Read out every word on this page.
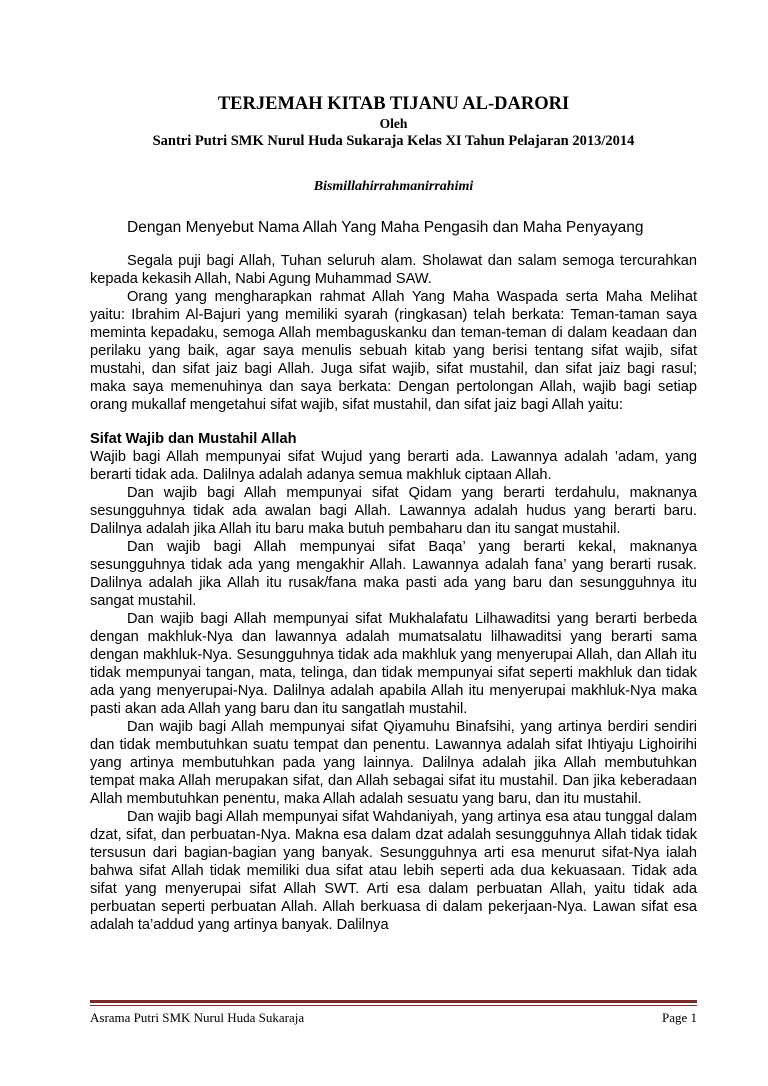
TERJEMAH KITAB TIJANU AL-DARORI

Oleh

Santri Putri SMK Nurul Huda Sukaraja Kelas XI Tahun Pelajaran 2013/2014

Bismillahirrahmanirrahimi

Dengan Menyebut Nama Allah Yang Maha Pengasih dan Maha Penyayang

Segala puji bagi Allah, Tuhan seluruh alam. Sholawat dan salam semoga tercurahkan kepada kekasih Allah, Nabi Agung Muhammad SAW.

Orang yang mengharapkan rahmat Allah Yang Maha Waspada serta Maha Melihat yaitu: Ibrahim Al-Bajuri yang memiliki syarah (ringkasan) telah berkata: Teman-taman saya meminta kepadaku, semoga Allah membaguskanku dan teman-teman di dalam keadaan dan perilaku yang baik, agar saya menulis sebuah kitab yang berisi tentang sifat wajib, sifat mustahi, dan sifat jaiz bagi Allah. Juga sifat wajib, sifat mustahil, dan sifat jaiz bagi rasul; maka saya memenuhinya dan saya berkata: Dengan pertolongan Allah, wajib bagi setiap orang mukallaf mengetahui sifat wajib, sifat mustahil, dan sifat jaiz bagi Allah yaitu:

Sifat Wajib dan Mustahil Allah

Wajib bagi Allah mempunyai sifat Wujud yang berarti ada. Lawannya adalah ’adam, yang berarti tidak ada. Dalilnya adalah adanya semua makhluk ciptaan Allah.

Dan wajib bagi Allah mempunyai sifat Qidam yang berarti terdahulu, maknanya sesungguhnya tidak ada awalan bagi Allah. Lawannya adalah hudus yang berarti baru. Dalilnya adalah jika Allah itu baru maka butuh pembaharu dan itu sangat mustahil.

Dan wajib bagi Allah mempunyai sifat Baqa’ yang berarti kekal, maknanya sesungguhnya tidak ada yang mengakhir Allah. Lawannya adalah fana’ yang berarti rusak. Dalilnya adalah jika Allah itu rusak/fana maka pasti ada yang baru dan sesungguhnya itu sangat mustahil.

Dan wajib bagi Allah mempunyai sifat Mukhalafatu Lilhawaditsi yang berarti berbeda dengan makhluk-Nya dan lawannya adalah mumatsalatu lilhawaditsi yang berarti sama dengan makhluk-Nya. Sesungguhnya tidak ada makhluk yang menyerupai Allah, dan Allah itu tidak mempunyai tangan, mata, telinga, dan tidak mempunyai sifat seperti makhluk dan tidak ada yang menyerupai-Nya. Dalilnya adalah apabila Allah itu menyerupai makhluk-Nya maka pasti akan ada Allah yang baru dan itu sangatlah mustahil.

Dan wajib bagi Allah mempunyai sifat Qiyamuhu Binafsihi, yang artinya berdiri sendiri dan tidak membutuhkan suatu tempat dan penentu. Lawannya adalah sifat Ihtiyaju Lighoirihi yang artinya membutuhkan pada yang lainnya. Dalilnya adalah jika Allah membutuhkan tempat maka Allah merupakan sifat, dan Allah sebagai sifat itu mustahil. Dan jika keberadaan Allah membutuhkan penentu, maka Allah adalah sesuatu yang baru, dan itu mustahil.

Dan wajib bagi Allah mempunyai sifat Wahdaniyah, yang artinya esa atau tunggal dalam dzat, sifat, dan perbuatan-Nya. Makna esa dalam dzat adalah sesungguhnya Allah tidak tidak tersusun dari bagian-bagian yang banyak. Sesungguhnya arti esa menurut sifat-Nya ialah bahwa sifat Allah tidak memiliki dua sifat atau lebih seperti ada dua kekuasaan. Tidak ada sifat yang menyerupai sifat Allah SWT. Arti esa dalam perbuatan Allah, yaitu tidak ada perbuatan seperti perbuatan Allah. Allah berkuasa di dalam pekerjaan-Nya. Lawan sifat esa adalah ta’addud yang artinya banyak. Dalilnya

Asrama Putri SMK Nurul Huda Sukaraja	Page 1
